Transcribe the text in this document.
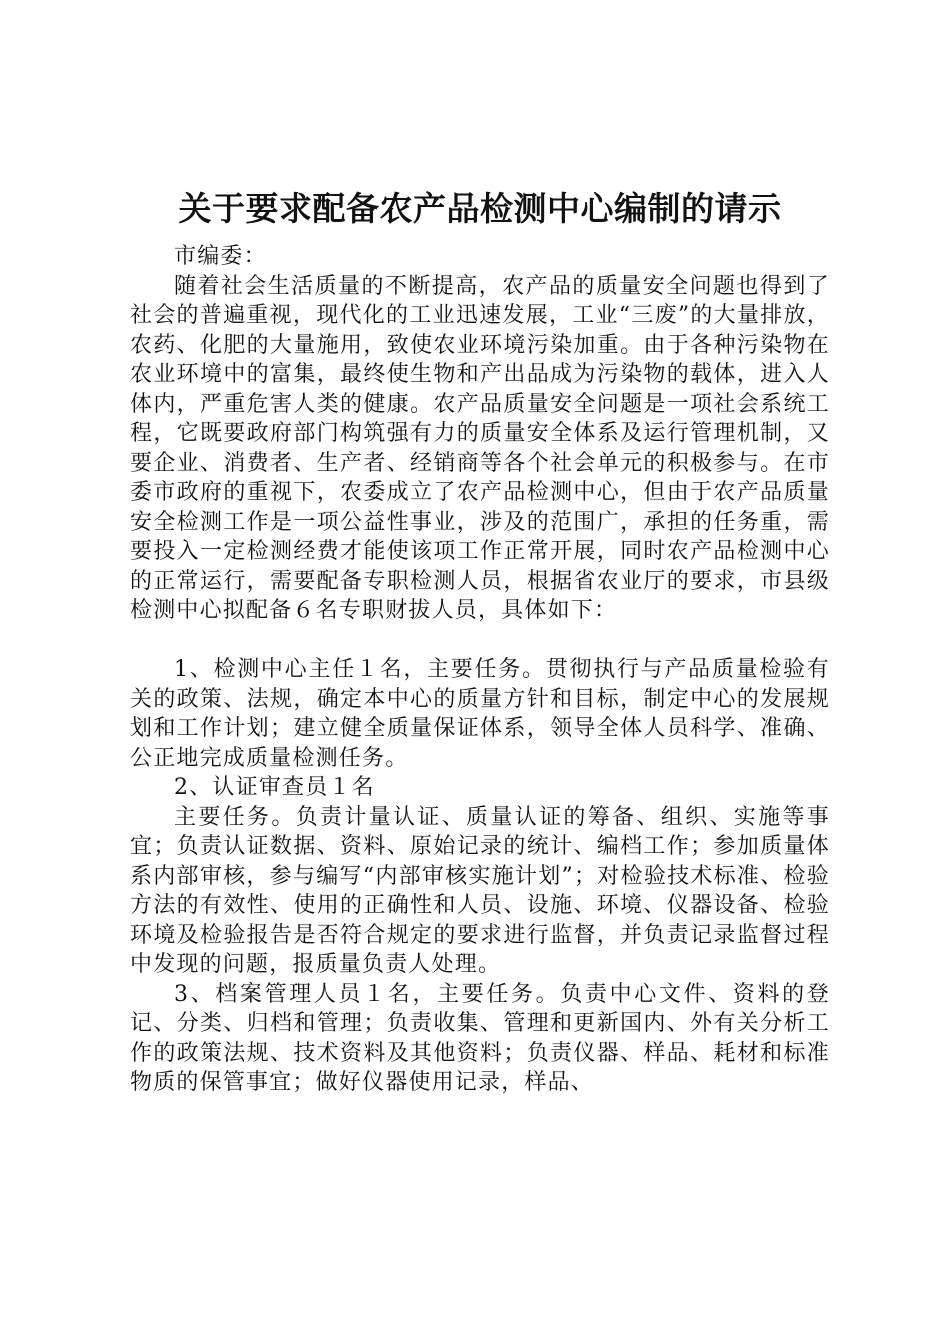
关于要求配备农产品检测中心编制的请示

市编委：

随着社会生活质量的不断提高，农产品的质量安全问题也得到了社会的普遍重视，现代化的工业迅速发展，工业“三废”的大量排放，农药、化肥的大量施用，致使农业环境污染加重。由于各种污染物在农业环境中的富集，最终使生物和产出品成为污染物的载体，进入人体内，严重危害人类的健康。农产品质量安全问题是一项社会系统工程，它既要政府部门构筑强有力的质量安全体系及运行管理机制，又要企业、消费者、生产者、经销商等各个社会单元的积极参与。在市委市政府的重视下，农委成立了农产品检测中心，但由于农产品质量安全检测工作是一项公益性事业，涉及的范围广，承担的任务重，需要投入一定检测经费才能使该项工作正常开展，同时农产品检测中心的正常运行，需要配备专职检测人员，根据省农业厅的要求，市县级检测中心拟配备６名专职财拔人员，具体如下：

1、检测中心主任１名，主要任务。贯彻执行与产品质量检验有关的政策、法规，确定本中心的质量方针和目标，制定中心的发展规划和工作计划；建立健全质量保证体系，领导全体人员科学、准确、公正地完成质量检测任务。

2、认证审查员１名

主要任务。负责计量认证、质量认证的筹备、组织、实施等事宜；负责认证数据、资料、原始记录的统计、编档工作；参加质量体系内部审核，参与编写“内部审核实施计划”；对检验技术标准、检验方法的有效性、使用的正确性和人员、设施、环境、仪器设备、检验环境及检验报告是否符合规定的要求进行监督，并负责记录监督过程中发现的问题，报质量负责人处理。

3、档案管理人员１名，主要任务。负责中心文件、资料的登记、分类、归档和管理；负责收集、管理和更新国内、外有关分析工作的政策法规、技术资料及其他资料；负责仪器、样品、耗材和标准物质的保管事宜；做好仪器使用记录，样品、
